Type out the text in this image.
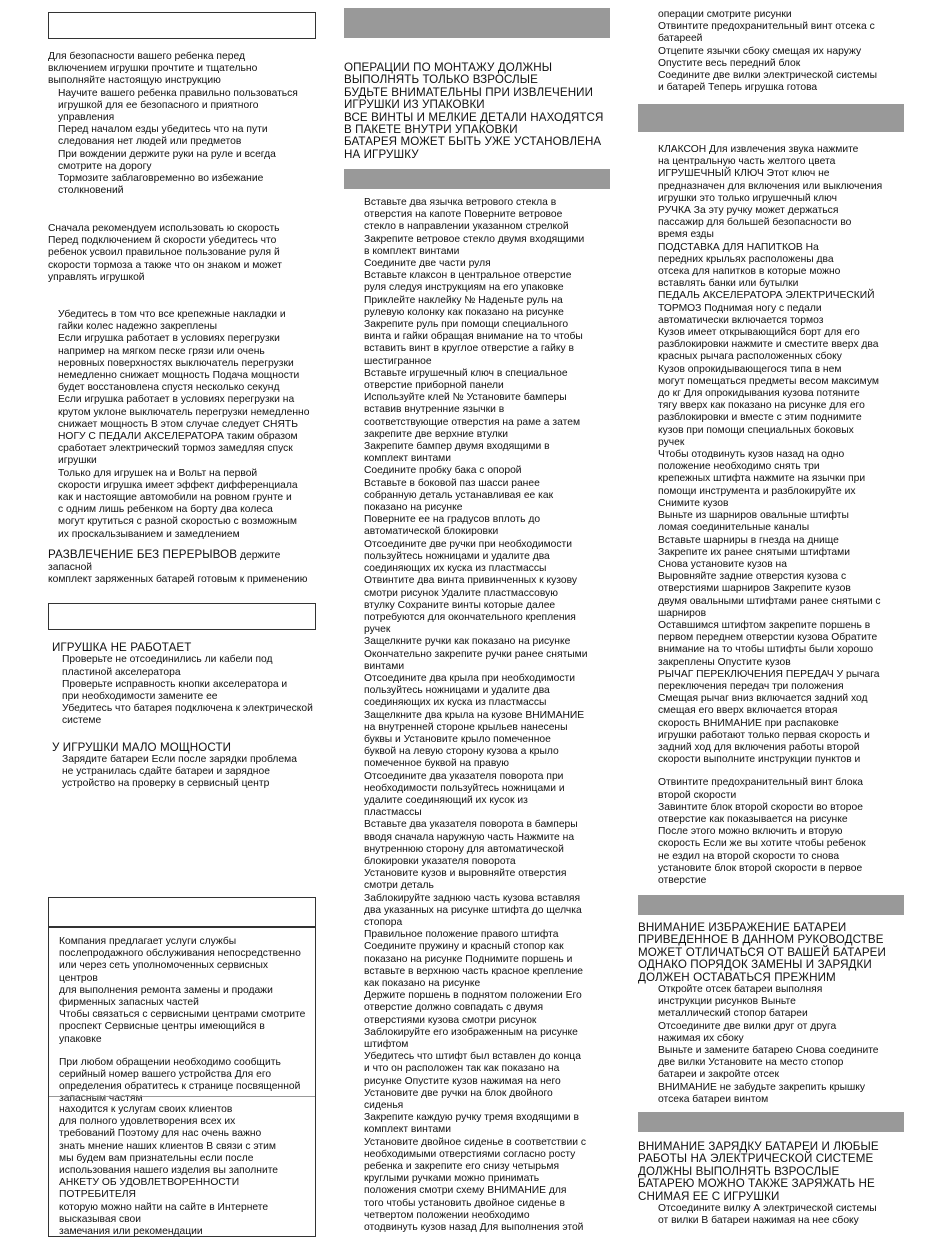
Для безопасности вашего ребенка перед

включением игрушки прочтите и тщательно

выполняйте настоящую инструкцию

Научите вашего ребенка правильно пользоваться

игрушкой для ее безопасного и приятного

управления

Перед началом езды убедитесь что на пути

следования нет людей или предметов

При вождении держите руки на руле и всегда

смотрите на дорогу

Тормозите заблаговременно во избежание

столкновений

Сначала рекомендуем использовать ю скорость

Перед подключением й скорости убедитесь что

ребенок усвоил правильное пользование руля й

скорости тормоза а также что он знаком и может

управлять игрушкой

Убедитесь в том что все крепежные накладки и

гайки колес надежно закреплены

Если игрушка работает в условиях перегрузки

например на мягком песке грязи или очень

неровных поверхностях выключатель перегрузки

немедленно снижает мощность Подача мощности

будет восстановлена спустя несколько секунд

Если игрушка работает в условиях перегрузки на

крутом уклоне выключатель перегрузки немедленно

снижает мощность В этом случае следует СНЯТЬ

НОГУ С ПЕДАЛИ АКСЕЛЕРАТОРА таким образом

сработает электрический тормоз замедляя спуск

игрушки

Только для игрушек на и Вольт на первой

скорости игрушка имеет эффект дифференциала

как и настоящие автомобили на ровном грунте и

с одним лишь ребенком на борту два колеса

могут крутиться с разной скоростью с возможным

их проскальзыванием и замедлением

РАЗВЛЕЧЕНИЕ БЕЗ ПЕРЕРЫВОВ держите запасной

комплект заряженных батарей готовым к применению

ИГРУШКА НЕ РАБОТАЕТ

Проверьте не отсоединились ли кабели под

пластиной акселератора

Проверьте исправность кнопки акселератора и

при необходимости замените ее

Убедитесь что батарея подключена к электрической

системе

У ИГРУШКИ МАЛО МОЩНОСТИ

Зарядите батареи Если после зарядки проблема

не устранилась сдайте батареи и зарядное

устройство на проверку в сервисный центр

Компания предлагает услуги службы

послепродажного обслуживания непосредственно

или через сеть уполномоченных сервисных центров

для выполнения ремонта замены и продажи

фирменных запасных частей

Чтобы связаться с сервисными центрами смотрите

проспект Сервисные центры имеющийся в

упаковке

При любом обращении необходимо сообщить

серийный номер вашего устройства Для его

определения обратитесь к странице посвященной

запасным частям

находится к услугам своих клиентов

для полного удовлетворения всех их

требований Поэтому для нас очень важно

знать мнение наших клиентов В связи с этим

мы будем вам признательны если после

использования нашего изделия вы заполните

АНКЕТУ ОБ УДОВЛЕТВОРЕННОСТИ ПОТРЕБИТЕЛЯ

которую можно найти на сайте в Интернете

высказывая свои

замечания или рекомендации

ОПЕРАЦИИ ПО МОНТАЖУ ДОЛЖНЫ

ВЫПОЛНЯТЬ ТОЛЬКО ВЗРОСЛЫЕ

БУДЬТЕ ВНИМАТЕЛЬНЫ ПРИ ИЗВЛЕЧЕНИИ

ИГРУШКИ ИЗ УПАКОВКИ

ВСЕ ВИНТЫ И МЕЛКИЕ ДЕТАЛИ НАХОДЯТСЯ

В ПАКЕТЕ ВНУТРИ УПАКОВКИ

БАТАРЕЯ МОЖЕТ БЫТЬ УЖЕ УСТАНОВЛЕНА

НА ИГРУШКУ

Вставьте два язычка ветрового стекла в

отверстия на капоте Поверните ветровое

стекло в направлении указанном стрелкой

Закрепите ветровое стекло двумя входящими

в комплект винтами

Соедините две части руля

Вставьте клаксон в центральное отверстие

руля следуя инструкциям на его упаковке

Приклейте наклейку № Наденьте руль на

рулевую колонку как показано на рисунке

Закрепите руль при помощи специального

винта и гайки обращая внимание на то чтобы

вставить винт в круглое отверстие а гайку в

шестигранное

Вставьте игрушечный ключ в специальное

отверстие приборной панели

Используйте клей № Установите бамперы

вставив внутренние язычки в

соответствующие отверстия на раме а затем

закрепите две верхние втулки

Закрепите бампер двумя входящими в

комплект винтами

Соедините пробку бака с опорой

Вставьте в боковой паз шасси ранее

собранную деталь устанавливая ее как

показано на рисунке

Поверните ее на градусов вплоть до

автоматической блокировки

Отсоедините две ручки при необходимости

пользуйтесь ножницами и удалите два

соединяющих их куска из пластмассы

Отвинтите два винта привинченных к кузову

смотри рисунок Удалите пластмассовую

втулку Сохраните винты которые далее

потребуются для окончательного крепления

ручек

Защелкните ручки как показано на рисунке

Окончательно закрепите ручки ранее снятыми

винтами

Отсоедините два крыла при необходимости

пользуйтесь ножницами и удалите два

соединяющих их куска из пластмассы

Защелкните два крыла на кузове ВНИМАНИЕ

на внутренней стороне крыльев нанесены

буквы и Установите крыло помеченное

буквой на левую сторону кузова а крыло

помеченное буквой на правую

Отсоедините два указателя поворота при

необходимости пользуйтесь ножницами и

удалите соединяющий их кусок из

пластмассы

Вставьте два указателя поворота в бамперы

вводя сначала наружную часть Нажмите на

внутреннюю сторону для автоматической

блокировки указателя поворота

Установите кузов и выровняйте отверстия

смотри деталь

Заблокируйте заднюю часть кузова вставляя

два указанных на рисунке штифта до щелчка

стопора

Правильное положение правого штифта

Соедините пружину и красный стопор как

показано на рисунке Поднимите поршень и

вставьте в верхнюю часть красное крепление

как показано на рисунке

Держите поршень в поднятом положении Его

отверстие должно совпадать с двумя

отверстиями кузова смотри рисунок

Заблокируйте его изображенным на рисунке

штифтом

Убедитесь что штифт был вставлен до конца

и что он расположен так как показано на

рисунке Опустите кузов нажимая на него

Установите две ручки на блок двойного

сиденья

Закрепите каждую ручку тремя входящими в

комплект винтами

Установите двойное сиденье в соответствии с

необходимыми отверстиями согласно росту

ребенка и закрепите его снизу четырьмя

круглыми ручками можно принимать

положения смотри схему ВНИМАНИЕ для

того чтобы установить двойное сиденье в

четвертом положении необходимо

отодвинуть кузов назад Для выполнения этой

операции смотрите рисунки

Отвинтите предохранительный винт отсека с

батареей

Отцепите язычки сбоку смещая их наружу

Опустите весь передний блок

Соедините две вилки электрической системы

и батарей Теперь игрушка готова

КЛАКСОН Для извлечения звука нажмите

на центральную часть желтого цвета

ИГРУШЕЧНЫЙ КЛЮЧ Этот ключ не

предназначен для включения или выключения

игрушки это только игрушечный ключ

РУЧКА За эту ручку может держаться

пассажир для большей безопасности во

время езды

ПОДСТАВКА ДЛЯ НАПИТКОВ На

передних крыльях расположены два

отсека для напитков в которые можно

вставлять банки или бутылки

ПЕДАЛЬ АКСЕЛЕРАТОРА ЭЛЕКТРИЧЕСКИЙ

ТОРМОЗ Поднимая ногу с педали

автоматически включается тормоз

Кузов имеет открывающийся борт для его

разблокировки нажмите и сместите вверх два

красных рычага расположенных сбоку

Кузов опрокидывающегося типа в нем

могут помещаться предметы весом максимум

до кг Для опрокидывания кузова потяните

тягу вверх как показано на рисунке для его

разблокировки и вместе с этим поднимите

кузов при помощи специальных боковых

ручек

Чтобы отодвинуть кузов назад на одно

положение необходимо снять три

крепежных штифта нажмите на язычки при

помощи инструмента и разблокируйте их

Снимите кузов

Выньте из шарниров овальные штифты

ломая соединительные каналы

Вставьте шарниры в гнезда на днище

Закрепите их ранее снятыми штифтами

Снова установите кузов на

Выровняйте задние отверстия кузова с

отверстиями шарниров Закрепите кузов

двумя овальными штифтами ранее снятыми с

шарниров

Оставшимся штифтом закрепите поршень в

первом переднем отверстии кузова Обратите

внимание на то чтобы штифты были хорошо

закреплены Опустите кузов

РЫЧАГ ПЕРЕКЛЮЧЕНИЯ ПЕРЕДАЧ У рычага

переключения передач три положения

Смещая рычаг вниз включается задний ход

смещая его вверх включается вторая

скорость ВНИМАНИЕ при распаковке

игрушки работают только первая скорость и

задний ход для включения работы второй

скорости выполните инструкции пунктов и

Отвинтите предохранительный винт блока

второй скорости

Завинтите блок второй скорости во второе

отверстие как показывается на рисунке

После этого можно включить и вторую

скорость Если же вы хотите чтобы ребенок

не ездил на второй скорости то снова

установите блок второй скорости в первое

отверстие

ВНИМАНИЕ ИЗБРАЖЕНИЕ БАТАРЕИ

ПРИВЕДЕННОЕ В ДАННОМ РУКОВОДСТВЕ

МОЖЕТ ОТЛИЧАТЬСЯ ОТ ВАШЕЙ БАТАРЕИ

ОДНАКО ПОРЯДОК ЗАМЕНЫ И ЗАРЯДКИ

ДОЛЖЕН ОСТАВАТЬСЯ ПРЕЖНИМ

Откройте отсек батареи выполняя

инструкции рисунков Выньте

металлический стопор батареи

Отсоедините две вилки друг от друга

нажимая их сбоку

Выньте и замените батарею Снова соедините

две вилки Установите на место стопор

батареи и закройте отсек

ВНИМАНИЕ не забудьте закрепить крышку

отсека батареи винтом

ВНИМАНИЕ ЗАРЯДКУ БАТАРЕИ И ЛЮБЫЕ

РАБОТЫ НА ЭЛЕКТРИЧЕСКОЙ СИСТЕМЕ

ДОЛЖНЫ ВЫПОЛНЯТЬ ВЗРОСЛЫЕ

БАТАРЕЮ МОЖНО ТАКЖЕ ЗАРЯЖАТЬ НЕ

СНИМАЯ ЕЕ С ИГРУШКИ

Отсоедините вилку А электрической системы

от вилки В батареи нажимая на нее сбоку
